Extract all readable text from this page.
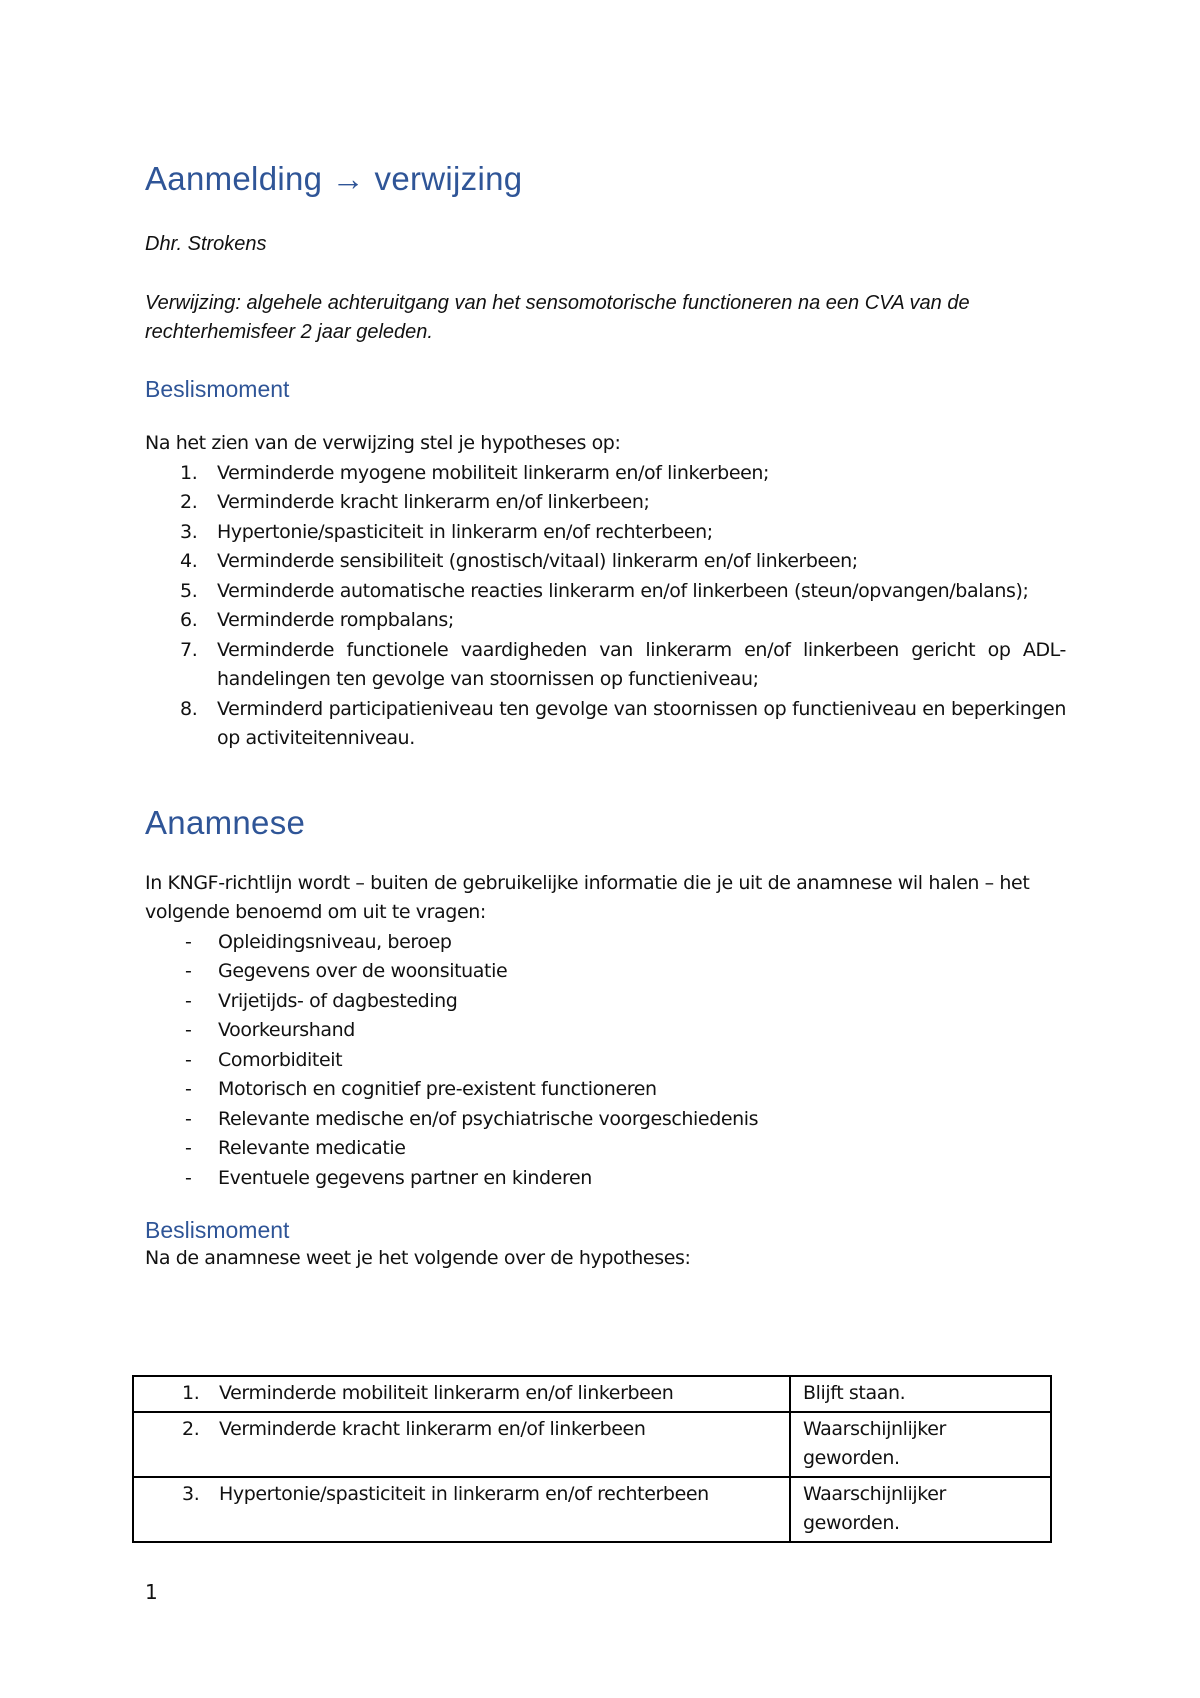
Aanmelding → verwijzing

Dhr. Strokens

Verwijzing: algehele achteruitgang van het sensomotorische functioneren na een CVA van de rechterhemisfeer 2 jaar geleden.

Beslismoment

Na het zien van de verwijzing stel je hypotheses op:

1. Verminderde myogene mobiliteit linkerarm en/of linkerbeen;
2. Verminderde kracht linkerarm en/of linkerbeen;
3. Hypertonie/spasticiteit in linkerarm en/of rechterbeen;
4. Verminderde sensibiliteit (gnostisch/vitaal) linkerarm en/of linkerbeen;
5. Verminderde automatische reacties linkerarm en/of linkerbeen (steun/opvangen/balans);
6. Verminderde rompbalans;
7. Verminderde functionele vaardigheden van linkerarm en/of linkerbeen gericht op ADL-handelingen ten gevolge van stoornissen op functieniveau;
8. Verminderd participatieniveau ten gevolge van stoornissen op functieniveau en beperkingen op activiteitenniveau.
Anamnese

In KNGF-richtlijn wordt – buiten de gebruikelijke informatie die je uit de anamnese wil halen – het volgende benoemd om uit te vragen:

- Opleidingsniveau, beroep
- Gegevens over de woonsituatie
- Vrijetijds- of dagbesteding
- Voorkeurshand
- Comorbiditeit
- Motorisch en cognitief pre-existent functioneren
- Relevante medische en/of psychiatrische voorgeschiedenis
- Relevante medicatie
- Eventuele gegevens partner en kinderen
Beslismoment

Na de anamnese weet je het volgende over de hypotheses:

1. Verminderde mobiliteit linkerarm en/of linkerbeen	Blijft staan.

2. Verminderde kracht linkerarm en/of linkerbeen	Waarschijnlijker geworden.

3. Hypertonie/spasticiteit in linkerarm en/of rechterbeen	Waarschijnlijker geworden.
1
